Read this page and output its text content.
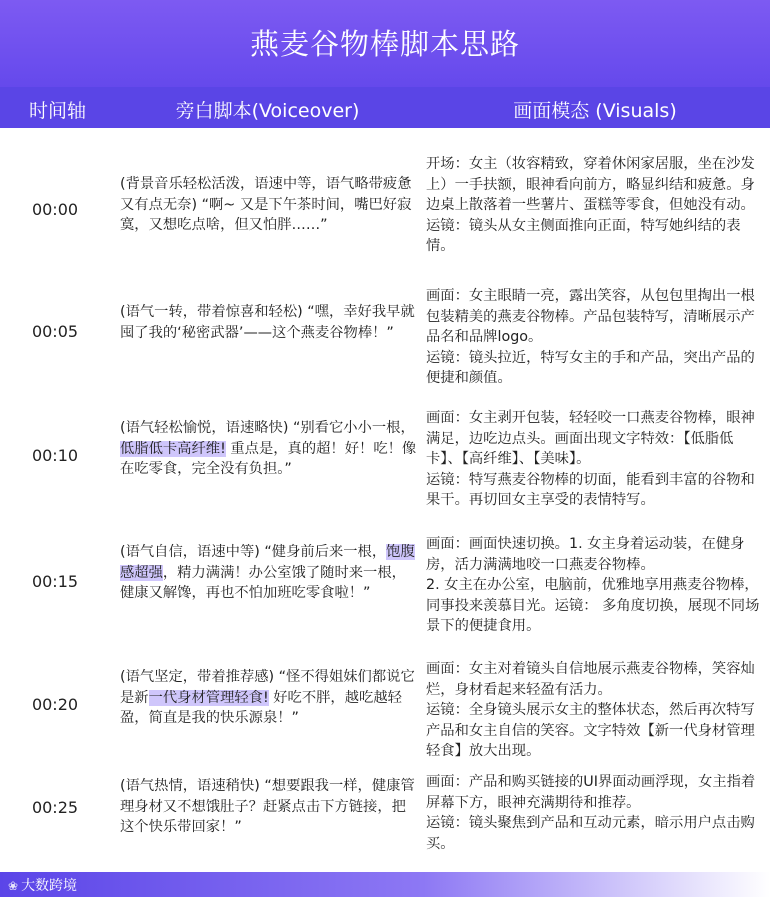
燕麦谷物棒脚本思路
时间轴	旁白脚本(Voiceover)	画面模态 (Visuals)
00:00
(背景音乐轻松活泼，语速中等，语气略带疲惫又有点无奈) “啊~ 又是下午茶时间，嘴巴好寂寞，又想吃点啥，但又怕胖……”
开场：女主（妆容精致，穿着休闲家居服，坐在沙发上）一手扶额，眼神看向前方，略显纠结和疲惫。身边桌上散落着一些薯片、蛋糕等零食，但她没有动。
运镜：镜头从女主侧面推向正面，特写她纠结的表情。
00:05
(语气一转，带着惊喜和轻松) “嘿，幸好我早就囤了我的‘秘密武器’——这个燕麦谷物棒！”
画面：女主眼睛一亮，露出笑容，从包包里掏出一根包装精美的燕麦谷物棒。产品包装特写，清晰展示产品名和品牌logo。
运镜：镜头拉近，特写女主的手和产品，突出产品的便捷和颜值。
00:10
(语气轻松愉悦，语速略快) “别看它小小一根，低脂低卡高纤维! 重点是，真的超！好！吃！像在吃零食，完全没有负担。”
画面：女主剥开包装，轻轻咬一口燕麦谷物棒，眼神满足，边吃边点头。画面出现文字特效：【低脂低卡】、【高纤维】、【美味】。
运镜：特写燕麦谷物棒的切面，能看到丰富的谷物和果干。再切回女主享受的表情特写。
00:15
(语气自信，语速中等) “健身前后来一根，饱腹感超强，精力满满！办公室饿了随时来一根，健康又解馋，再也不怕加班吃零食啦！”
画面：画面快速切换。1. 女主身着运动装，在健身房，活力满满地咬一口燕麦谷物棒。
2. 女主在办公室，电脑前，优雅地享用燕麦谷物棒，同事投来羡慕目光。运镜： 多角度切换，展现不同场景下的便捷食用。
00:20
(语气坚定，带着推荐感) “怪不得姐妹们都说它是新一代身材管理轻食! 好吃不胖，越吃越轻盈，简直是我的快乐源泉！”
画面：女主对着镜头自信地展示燕麦谷物棒，笑容灿烂，身材看起来轻盈有活力。
运镜：全身镜头展示女主的整体状态，然后再次特写产品和女主自信的笑容。文字特效【新一代身材管理轻食】放大出现。
00:25
(语气热情，语速稍快) “想要跟我一样，健康管理身材又不想饿肚子？赶紧点击下方链接，把这个快乐带回家！”
画面：产品和购买链接的UI界面动画浮现，女主指着屏幕下方，眼神充满期待和推荐。
运镜：镜头聚焦到产品和互动元素，暗示用户点击购买。
❀ 大数跨境
